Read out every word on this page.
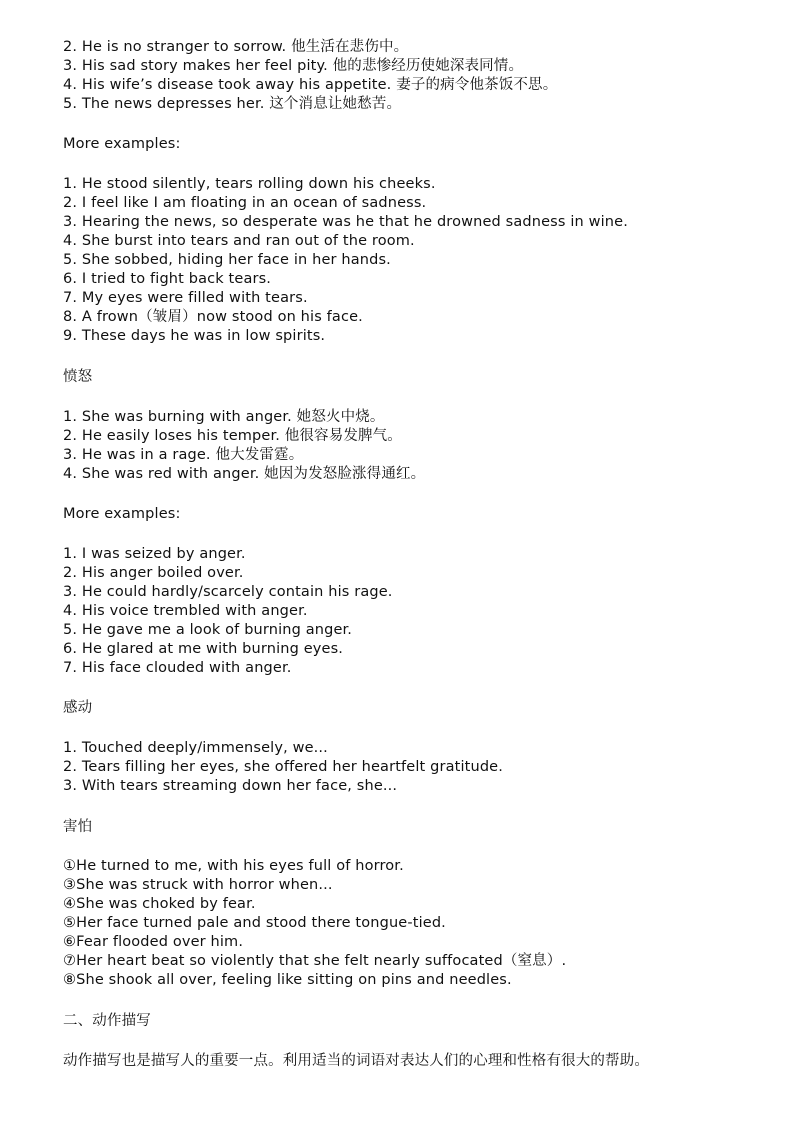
2. He is no stranger to sorrow. 他生活在悲伤中。

3. His sad story makes her feel pity. 他的悲惨经历使她深表同情。

4. His wife’s disease took away his appetite. 妻子的病令他茶饭不思。

5. The news depresses her. 这个消息让她愁苦。

More examples:

1. He stood silently, tears rolling down his cheeks.

2. I feel like I am floating in an ocean of sadness.

3. Hearing the news, so desperate was he that he drowned sadness in wine.

4. She burst into tears and ran out of the room.

5. She sobbed, hiding her face in her hands.

6. I tried to fight back tears.

7. My eyes were filled with tears.

8. A frown（皱眉）now stood on his face.

9. These days he was in low spirits.

愤怒

1. She was burning with anger. 她怒火中烧。

2. He easily loses his temper. 他很容易发脾气。

3. He was in a rage. 他大发雷霆。

4. She was red with anger. 她因为发怒脸涨得通红。

More examples:

1. I was seized by anger.

2. His anger boiled over.

3. He could hardly/scarcely contain his rage.

4. His voice trembled with anger.

5. He gave me a look of burning anger.

6. He glared at me with burning eyes.

7. His face clouded with anger.

感动

1. Touched deeply/immensely, we...

2. Tears filling her eyes, she offered her heartfelt gratitude.

3. With tears streaming down her face, she...

害怕

①He turned to me, with his eyes full of horror.

③She was struck with horror when...

④She was choked by fear.

⑤Her face turned pale and stood there tongue-tied.

⑥Fear flooded over him.

⑦Her heart beat so violently that she felt nearly suffocated（窒息）.

⑧She shook all over, feeling like sitting on pins and needles.

二、动作描写

动作描写也是描写人的重要一点。利用适当的词语对表达人们的心理和性格有很大的帮助。
